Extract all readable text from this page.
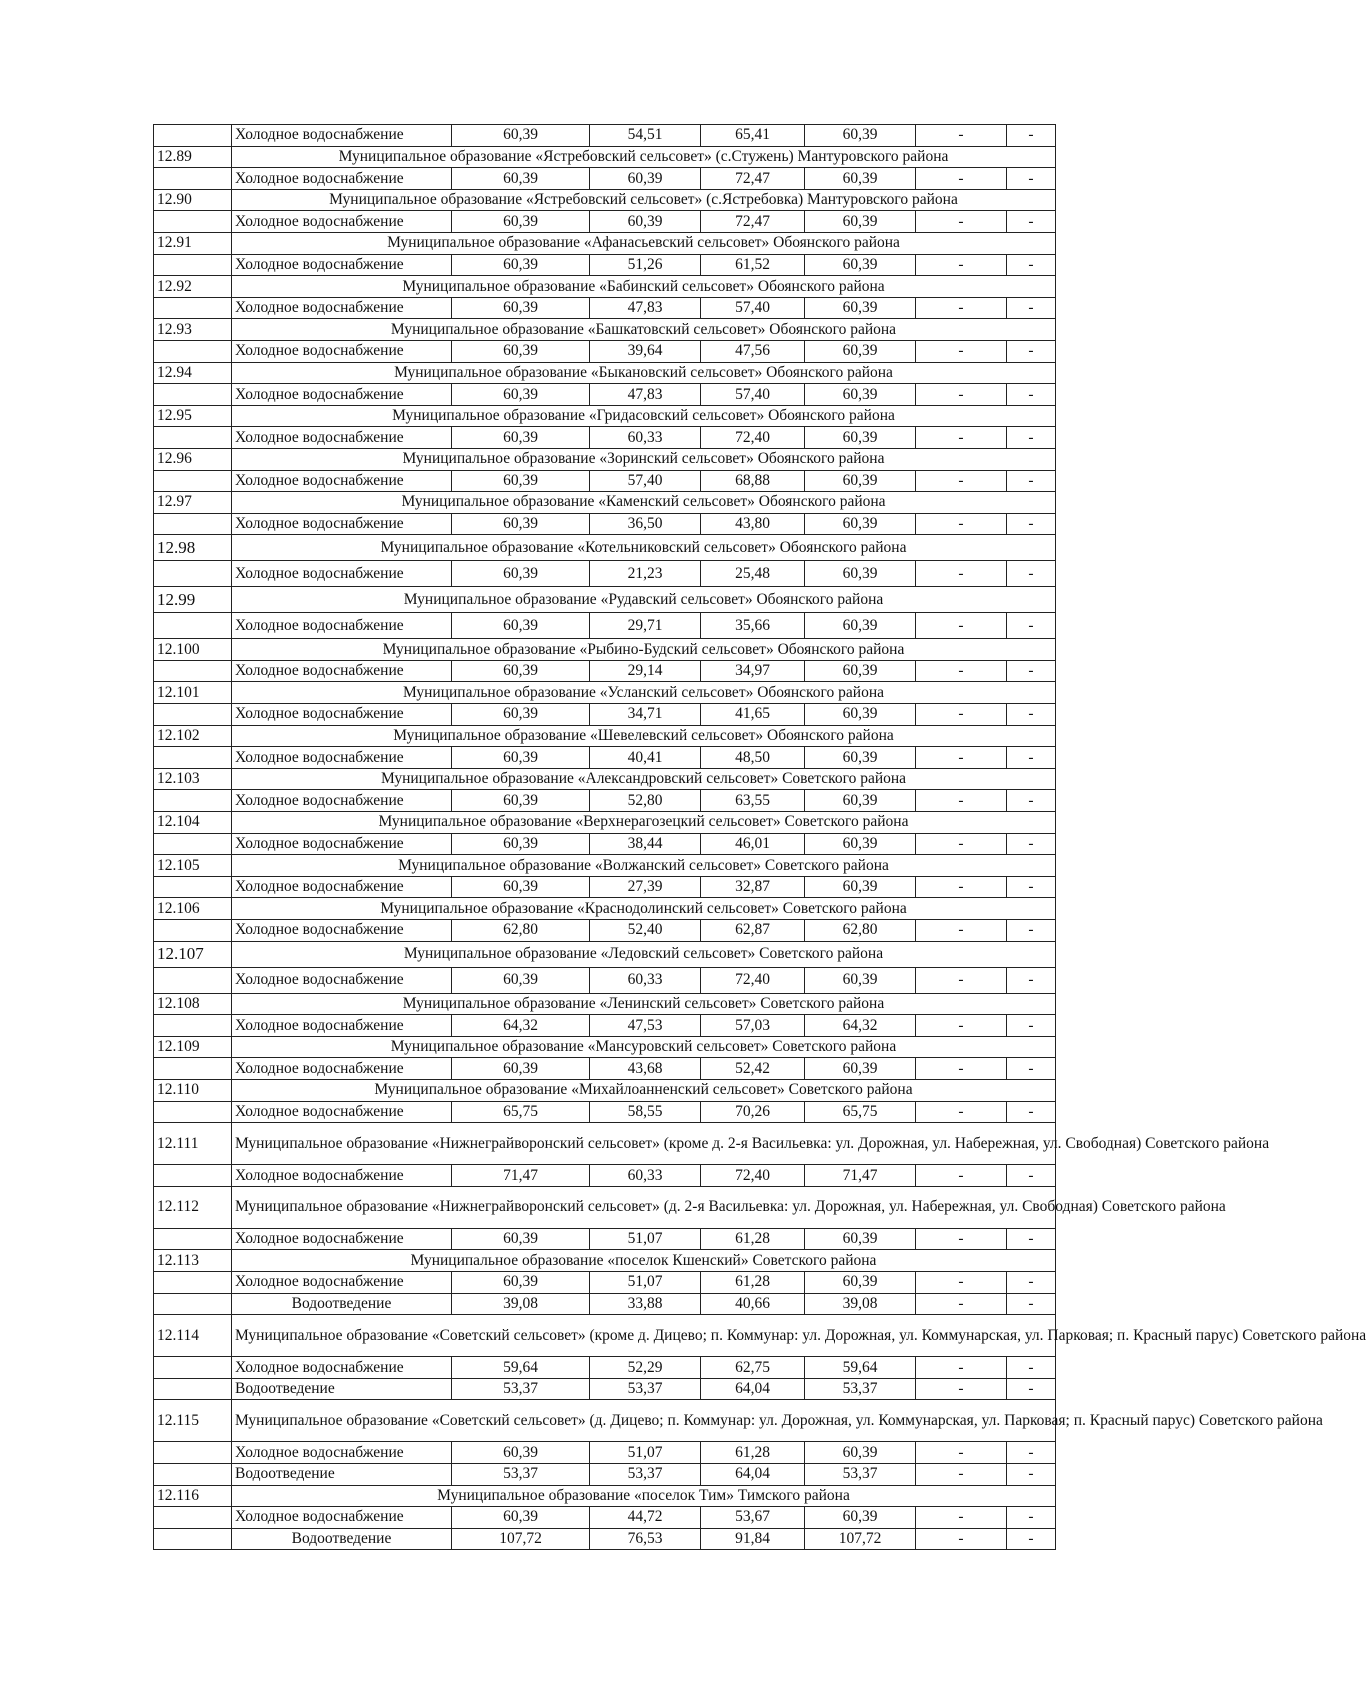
	Холодное водоснабжение	60,39	54,51	65,41	60,39	-	-
12.89	Муниципальное образование «Ястребовский сельсовет» (с.Стужень) Мантуровского района						
	Холодное водоснабжение	60,39	60,39	72,47	60,39	-	-
12.90	Муниципальное образование «Ястребовский сельсовет» (с.Ястребовка) Мантуровского района						
	Холодное водоснабжение	60,39	60,39	72,47	60,39	-	-
12.91	Муниципальное образование «Афанасьевский сельсовет» Обоянского района						
	Холодное водоснабжение	60,39	51,26	61,52	60,39	-	-
12.92	Муниципальное образование «Бабинский сельсовет» Обоянского района						
	Холодное водоснабжение	60,39	47,83	57,40	60,39	-	-
12.93	Муниципальное образование «Башкатовский сельсовет» Обоянского района						
	Холодное водоснабжение	60,39	39,64	47,56	60,39	-	-
12.94	Муниципальное образование «Быкановский сельсовет» Обоянского района						
	Холодное водоснабжение	60,39	47,83	57,40	60,39	-	-
12.95	Муниципальное образование «Гридасовский сельсовет» Обоянского района						
	Холодное водоснабжение	60,39	60,33	72,40	60,39	-	-
12.96	Муниципальное образование «Зоринский сельсовет» Обоянского района						
	Холодное водоснабжение	60,39	57,40	68,88	60,39	-	-
12.97	Муниципальное образование «Каменский сельсовет» Обоянского района						
	Холодное водоснабжение	60,39	36,50	43,80	60,39	-	-
12.98	Муниципальное образование «Котельниковский сельсовет» Обоянского района						
	Холодное водоснабжение	60,39	21,23	25,48	60,39	-	-
12.99	Муниципальное образование «Рудавский сельсовет» Обоянского района						
	Холодное водоснабжение	60,39	29,71	35,66	60,39	-	-
12.100	Муниципальное образование «Рыбино-Будский сельсовет» Обоянского района						
	Холодное водоснабжение	60,39	29,14	34,97	60,39	-	-
12.101	Муниципальное образование «Усланский сельсовет» Обоянского района						
	Холодное водоснабжение	60,39	34,71	41,65	60,39	-	-
12.102	Муниципальное образование «Шевелевский сельсовет» Обоянского района						
	Холодное водоснабжение	60,39	40,41	48,50	60,39	-	-
12.103	Муниципальное образование «Александровский сельсовет» Советского района						
	Холодное водоснабжение	60,39	52,80	63,55	60,39	-	-
12.104	Муниципальное образование «Верхнерагозецкий сельсовет» Советского района						
	Холодное водоснабжение	60,39	38,44	46,01	60,39	-	-
12.105	Муниципальное образование «Волжанский сельсовет» Советского района						
	Холодное водоснабжение	60,39	27,39	32,87	60,39	-	-
12.106	Муниципальное образование «Краснодолинский сельсовет» Советского района						
	Холодное водоснабжение	62,80	52,40	62,87	62,80	-	-
12.107	Муниципальное образование «Ледовский сельсовет» Советского района						
	Холодное водоснабжение	60,39	60,33	72,40	60,39	-	-
12.108	Муниципальное образование «Ленинский сельсовет» Советского района						
	Холодное водоснабжение	64,32	47,53	57,03	64,32	-	-
12.109	Муниципальное образование «Мансуровский сельсовет» Советского района						
	Холодное водоснабжение	60,39	43,68	52,42	60,39	-	-
12.110	Муниципальное образование «Михайлоанненский сельсовет» Советского района						
	Холодное водоснабжение	65,75	58,55	70,26	65,75	-	-
12.111	Муниципальное образование «Нижнеграйворонский сельсовет» (кроме д. 2-я Васильевка: ул. Дорожная, ул. Набережная, ул. Свободная) Советского района						
	Холодное водоснабжение	71,47	60,33	72,40	71,47	-	-
12.112	Муниципальное образование «Нижнеграйворонский сельсовет» (д. 2-я Васильевка: ул. Дорожная, ул. Набережная, ул. Свободная) Советского района						
	Холодное водоснабжение	60,39	51,07	61,28	60,39	-	-
12.113	Муниципальное образование «поселок Кшенский» Советского района						
	Холодное водоснабжение	60,39	51,07	61,28	60,39	-	-
	Водоотведение	39,08	33,88	40,66	39,08	-	-
12.114	Муниципальное образование «Советский сельсовет» (кроме д. Дицево; п. Коммунар: ул. Дорожная, ул. Коммунарская, ул. Парковая; п. Красный парус) Советского района						
	Холодное водоснабжение	59,64	52,29	62,75	59,64	-	-
	Водоотведение	53,37	53,37	64,04	53,37	-	-
12.115	Муниципальное образование «Советский сельсовет» (д. Дицево; п. Коммунар: ул. Дорожная, ул. Коммунарская, ул. Парковая; п. Красный парус) Советского района						
	Холодное водоснабжение	60,39	51,07	61,28	60,39	-	-
	Водоотведение	53,37	53,37	64,04	53,37	-	-
12.116	Муниципальное образование «поселок Тим» Тимского района						
	Холодное водоснабжение	60,39	44,72	53,67	60,39	-	-
	Водоотведение	107,72	76,53	91,84	107,72	-	-
